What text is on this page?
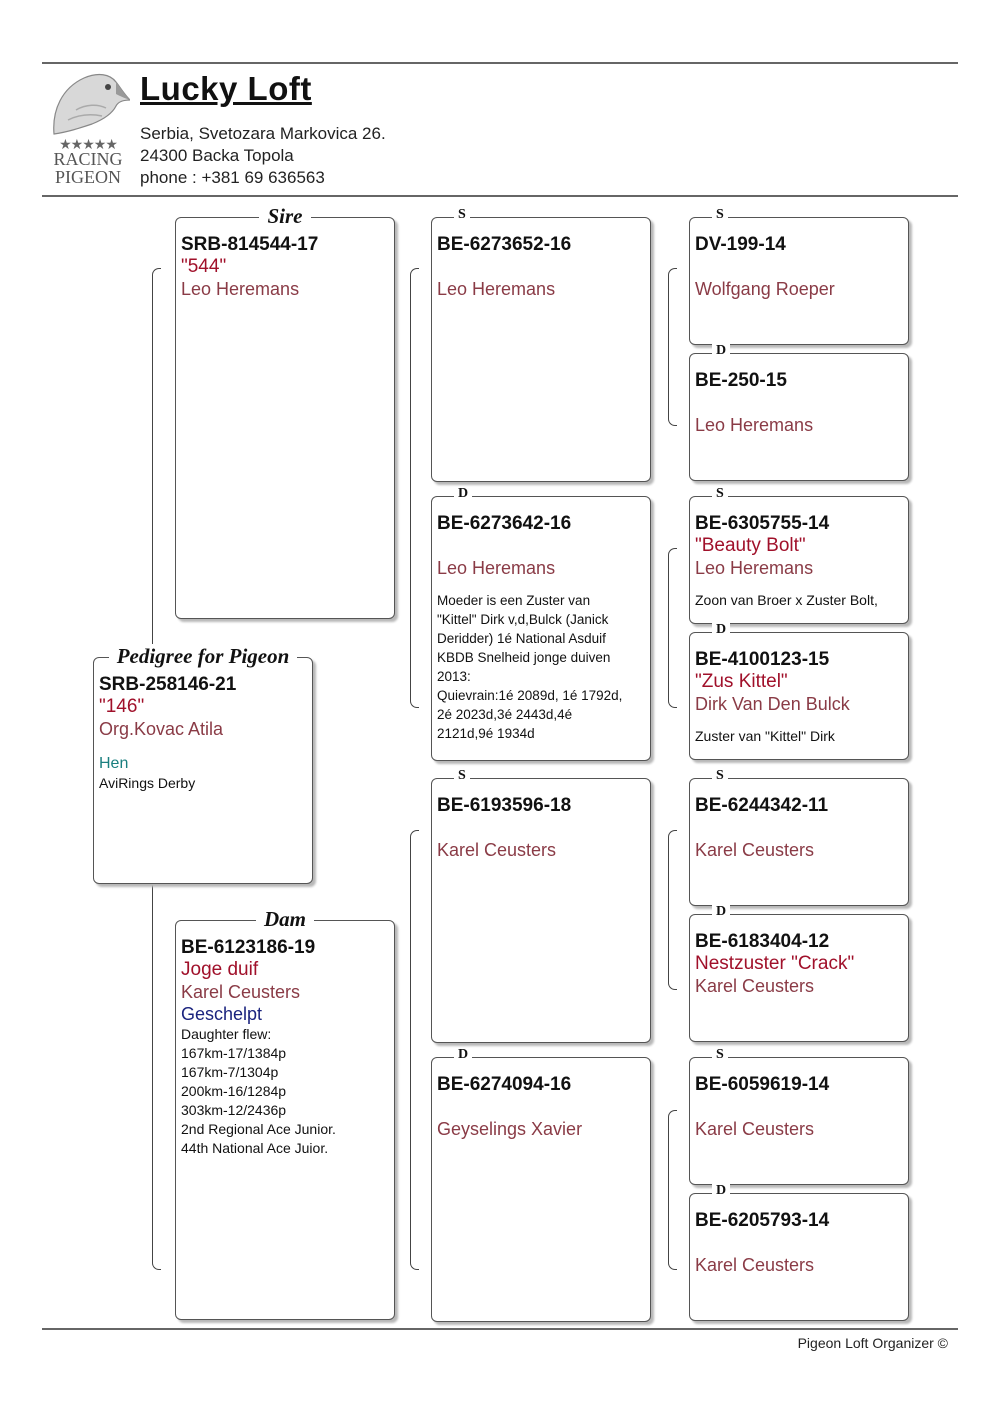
★★★★★
RACING
PIGEON
Lucky Loft
Serbia, Svetozara Markovica 26.
24300 Backa Topola
phone : +381 69 636563
Pedigree for Pigeon
SRB-258146-21
"146"
Org.Kovac Atila
Hen
AviRings Derby
Sire
SRB-814544-17
"544"
Leo Heremans
Dam
BE-6123186-19
Joge duif
Karel Ceusters
Geschelpt
Daughter flew:
167km-17/1384p
167km-7/1304p
200km-16/1284p
303km-12/2436p
2nd Regional Ace Junior.
44th National Ace Juior.
S
BE-6273652-16
Leo Heremans
D
BE-6273642-16
Leo Heremans
Moeder is een Zuster van
"Kittel" Dirk v,d,Bulck (Janick
Deridder) 1é National Asduif
KBDB Snelheid jonge duiven
2013:
Quievrain:1é 2089d, 1é 1792d,
2é 2023d,3é 2443d,4é
2121d,9é 1934d
S
BE-6193596-18
Karel Ceusters
D
BE-6274094-16
Geyselings Xavier
S
DV-199-14
Wolfgang Roeper
D
BE-250-15
Leo Heremans
S
BE-6305755-14
"Beauty Bolt"
Leo Heremans
Zoon van Broer x Zuster Bolt,
D
BE-4100123-15
"Zus Kittel"
Dirk Van Den Bulck
Zuster van "Kittel" Dirk
S
BE-6244342-11
Karel Ceusters
D
BE-6183404-12
Nestzuster "Crack"
Karel Ceusters
S
BE-6059619-14
Karel Ceusters
D
BE-6205793-14
Karel Ceusters
Pigeon Loft Organizer ©
